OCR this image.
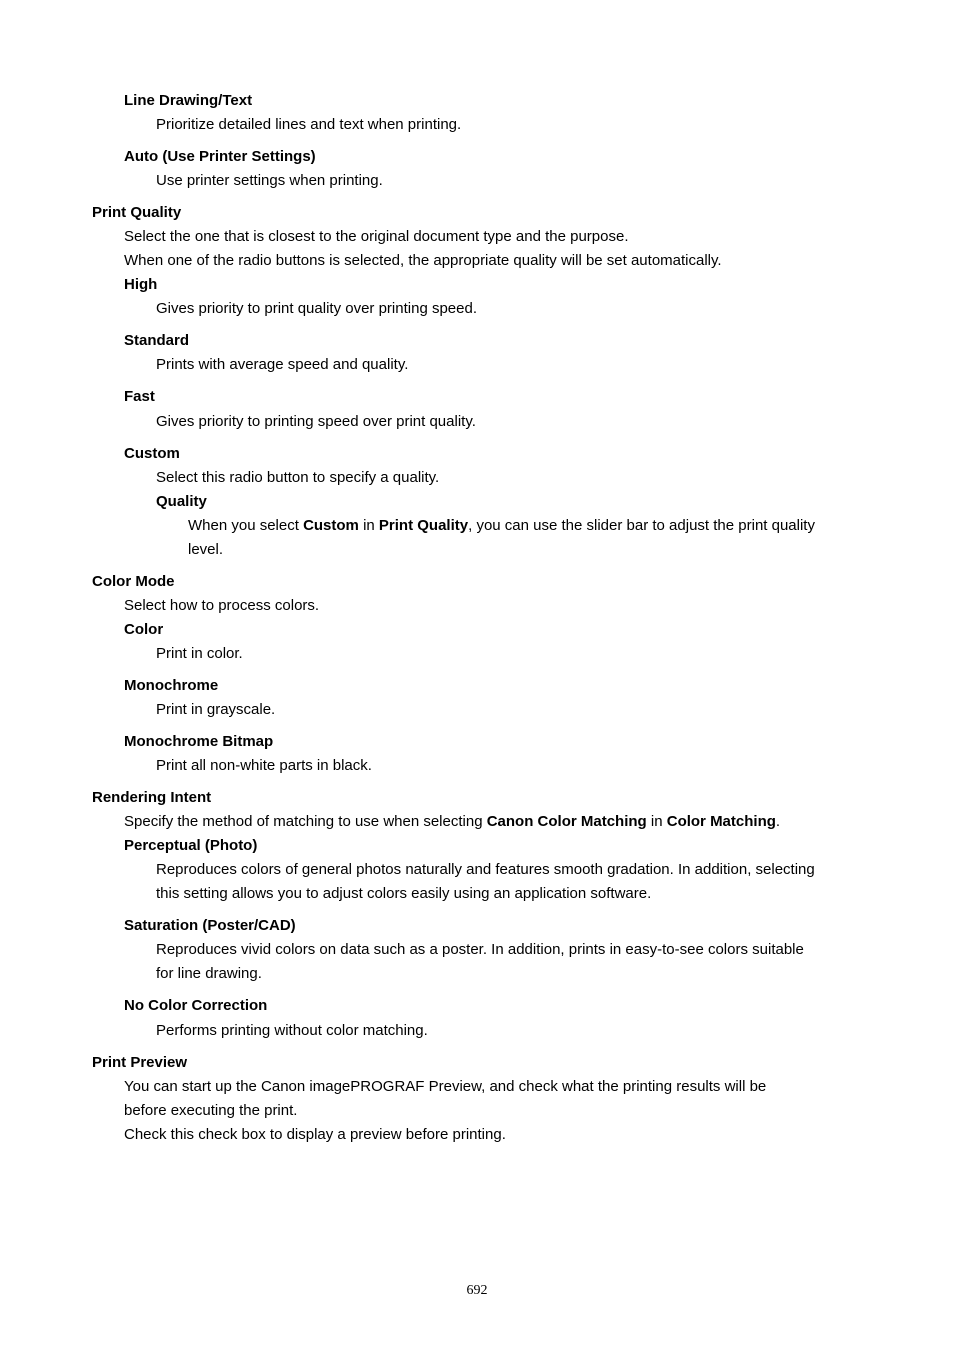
Line Drawing/Text

Prioritize detailed lines and text when printing.

Auto (Use Printer Settings)

Use printer settings when printing.

Print Quality

Select the one that is closest to the original document type and the purpose.

When one of the radio buttons is selected, the appropriate quality will be set automatically.

High

Gives priority to print quality over printing speed.

Standard

Prints with average speed and quality.

Fast

Gives priority to printing speed over print quality.

Custom

Select this radio button to specify a quality.

Quality

When you select Custom in Print Quality, you can use the slider bar to adjust the print quality

level.

Color Mode

Select how to process colors.

Color

Print in color.

Monochrome

Print in grayscale.

Monochrome Bitmap

Print all non-white parts in black.

Rendering Intent

Specify the method of matching to use when selecting Canon Color Matching in Color Matching.

Perceptual (Photo)

Reproduces colors of general photos naturally and features smooth gradation. In addition, selecting

this setting allows you to adjust colors easily using an application software.

Saturation (Poster/CAD)

Reproduces vivid colors on data such as a poster. In addition, prints in easy-to-see colors suitable

for line drawing.

No Color Correction

Performs printing without color matching.

Print Preview

You can start up the Canon imagePROGRAF Preview, and check what the printing results will be

before executing the print.

Check this check box to display a preview before printing.

692
